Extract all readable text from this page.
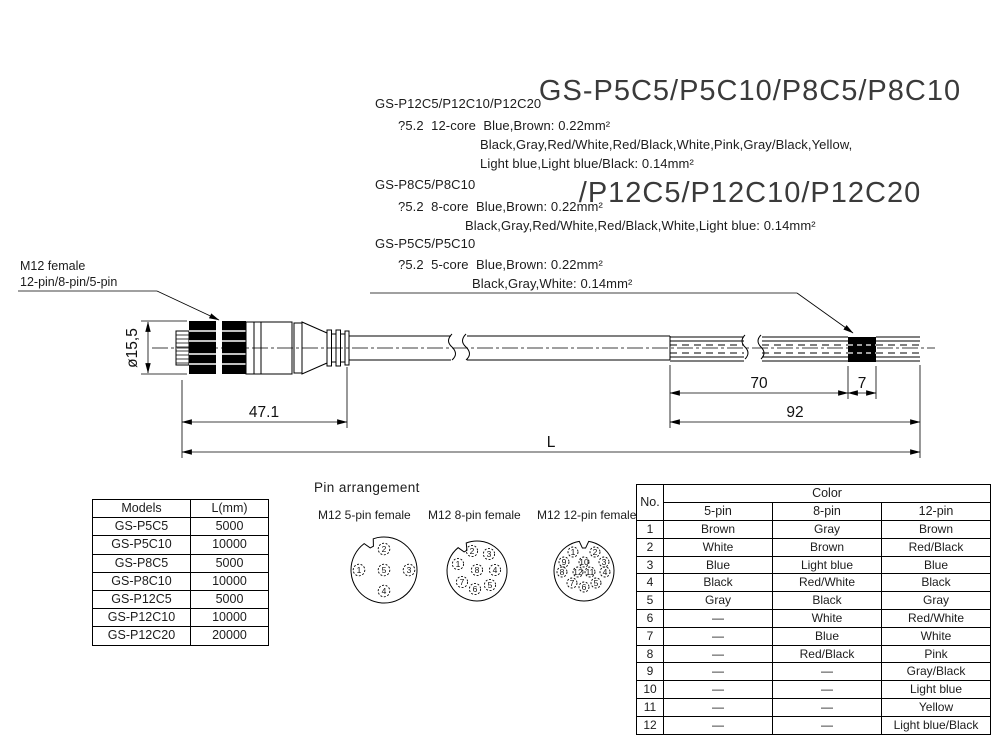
GS-P5C5/P5C10/P8C5/P8C10

/P12C5/P12C10/P12C20

GS-P12C5/P12C10/P12C20
?5.2  12-core  Blue,Brown: 0.22mm²
Black,Gray,Red/White,Red/Black,White,Pink,Gray/Black,Yellow,
Light blue,Light blue/Black: 0.14mm²
GS-P8C5/P8C10
?5.2  8-core  Blue,Brown: 0.22mm²
Black,Gray,Red/White,Red/Black,White,Light blue: 0.14mm²
GS-P5C5/P5C10
?5.2  5-core  Blue,Brown: 0.22mm²
Black,Gray,White: 0.14mm²
M12 female
12-pin/8-pin/5-pin
Pin arrangement
M12 5-pin female M12 8-pin female M12 12-pin female
ø15,5
47.1
70	7
92
L
1
2
3
4
5
1
2 3
4
5
6
7
8
1 2
9 10 3
8 12 11 4
7 6 5
Models	L(mm)
GS-P5C5	5000
GS-P5C10	10000
GS-P8C5	5000
GS-P8C10	10000
GS-P12C5	5000
GS-P12C10	10000
GS-P12C20	20000
No.	Color		
	5-pin	8-pin	12-pin
1	Brown	Gray	Brown
2	White	Brown	Red/Black
3	Blue	Light blue	Blue
4	Black	Red/White	Black
5	Gray	Black	Gray
6	—	White	Red/White
7	—	Blue	White
8	—	Red/Black	Pink
9	—	—	Gray/Black
10	—	—	Light blue
11	—	—	Yellow
12	—	—	Light blue/Black
